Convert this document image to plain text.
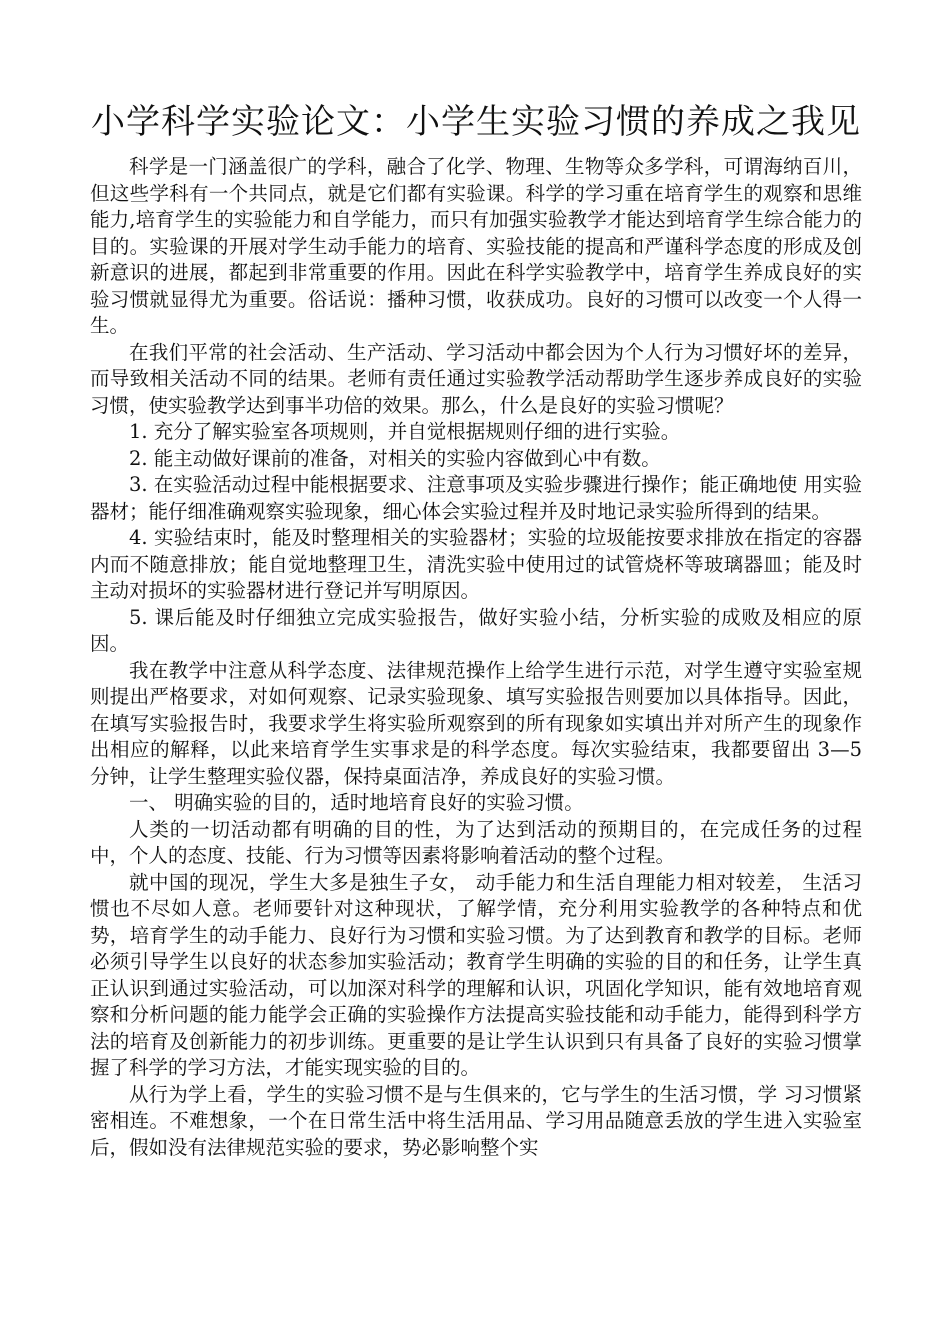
小学科学实验论文：小学生实验习惯的养成之我见

科学是一门涵盖很广的学科，融合了化学、物理、生物等众多学科，可谓海纳百川，但这些学科有一个共同点，就是它们都有实验课。科学的学习重在培育学生的观察和思维能力,培育学生的实验能力和自学能力，而只有加强实验教学才能达到培育学生综合能力的目的。实验课的开展对学生动手能力的培育、实验技能的提高和严谨科学态度的形成及创新意识的进展，都起到非常重要的作用。因此在科学实验教学中，培育学生养成良好的实验习惯就显得尤为重要。俗话说：播种习惯，收获成功。良好的习惯可以改变一个人得一生。

在我们平常的社会活动、生产活动、学习活动中都会因为个人行为习惯好坏的差异， 而导致相关活动不同的结果。老师有责任通过实验教学活动帮助学生逐步养成良好的实验习惯，使实验教学达到事半功倍的效果。那么，什么是良好的实验习惯呢？

1. 充分了解实验室各项规则，并自觉根据规则仔细的进行实验。

2. 能主动做好课前的准备，对相关的实验内容做到心中有数。

3. 在实验活动过程中能根据要求、注意事项及实验步骤进行操作；能正确地使 用实验器材；能仔细准确观察实验现象，细心体会实验过程并及时地记录实验所得到的结果。

4. 实验结束时，能及时整理相关的实验器材；实验的垃圾能按要求排放在指定的容器内而不随意排放；能自觉地整理卫生，清洗实验中使用过的试管烧杯等玻璃器皿；能及时主动对损坏的实验器材进行登记并写明原因。

5. 课后能及时仔细独立完成实验报告，做好实验小结，分析实验的成败及相应的原因。

我在教学中注意从科学态度、法律规范操作上给学生进行示范，对学生遵守实验室规则提出严格要求，对如何观察、记录实验现象、填写实验报告则要加以具体指导。因此，在填写实验报告时，我要求学生将实验所观察到的所有现象如实填出并对所产生的现象作出相应的解释，以此来培育学生实事求是的科学态度。每次实验结束，我都要留出 3—5 分钟，让学生整理实验仪器，保持桌面洁净，养成良好的实验习惯。

一、 明确实验的目的，适时地培育良好的实验习惯。

人类的一切活动都有明确的目的性，为了达到活动的预期目的，在完成任务的过程中，个人的态度、技能、行为习惯等因素将影响着活动的整个过程。

就中国的现况，学生大多是独生子女， 动手能力和生活自理能力相对较差， 生活习惯也不尽如人意。老师要针对这种现状，了解学情，充分利用实验教学的各种特点和优势，培育学生的动手能力、良好行为习惯和实验习惯。为了达到教育和教学的目标。老师必须引导学生以良好的状态参加实验活动；教育学生明确的实验的目的和任务，让学生真正认识到通过实验活动，可以加深对科学的理解和认识，巩固化学知识，能有效地培育观察和分析问题的能力能学会正确的实验操作方法提高实验技能和动手能力，能得到科学方法的培育及创新能力的初步训练。更重要的是让学生认识到只有具备了良好的实验习惯掌握了科学的学习方法，才能实现实验的目的。

从行为学上看，学生的实验习惯不是与生俱来的，它与学生的生活习惯，学 习习惯紧密相连。不难想象，一个在日常生活中将生活用品、学习用品随意丢放的学生进入实验室后，假如没有法律规范实验的要求，势必影响整个实
